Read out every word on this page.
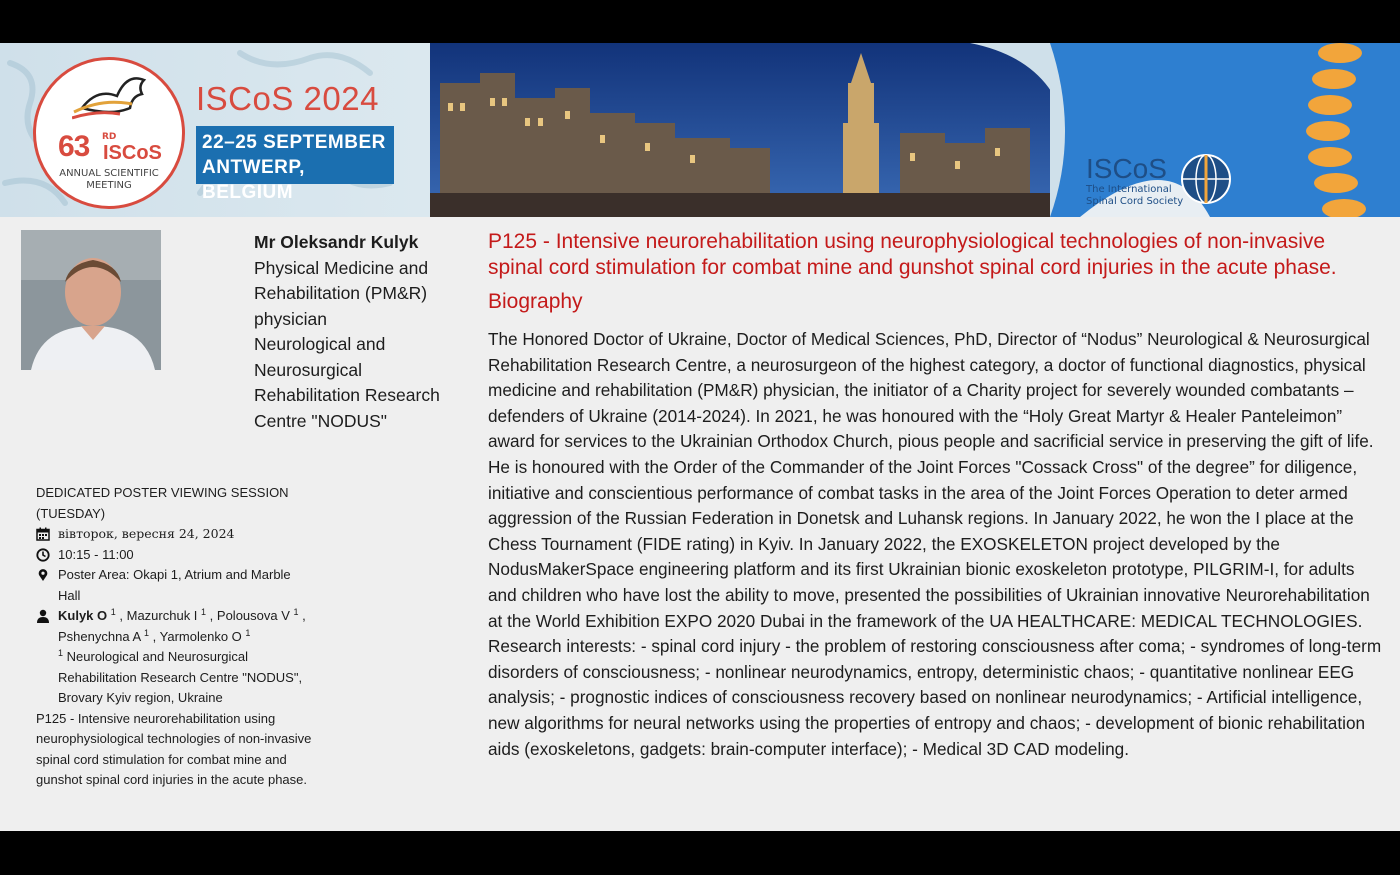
63 RD
ISCoS
ANNUAL SCIENTIFIC
MEETING
ISCoS 2024
22–25 SEPTEMBER
ANTWERP, BELGIUM
ISCoS
The International
Spinal Cord Society
Mr Oleksandr Kulyk
Physical Medicine and Rehabilitation (PM&R) physician
Neurological and Neurosurgical Rehabilitation Research Centre "NODUS"
DEDICATED POSTER VIEWING SESSION (TUESDAY)
вівторок, вересня 24, 2024
10:15 - 11:00
Poster Area: Okapi 1, Atrium and Marble Hall
Kulyk O $^1$ , Mazurchuk I $^1$ , Polousova V $^1$ , Pshenychna A $^1$ , Yarmolenko O $^1$
$^1$ Neurological and Neurosurgical Rehabilitation Research Centre "NODUS", Brovary Kyiv region, Ukraine
P125 - Intensive neurorehabilitation using neurophysiological technologies of non-invasive spinal cord stimulation for combat mine and gunshot spinal cord injuries in the acute phase.
P125 - Intensive neurorehabilitation using neurophysiological technologies of non-invasive spinal cord stimulation for combat mine and gunshot spinal cord injuries in the acute phase.
Biography
The Honored Doctor of Ukraine, Doctor of Medical Sciences, PhD, Director of “Nodus” Neurological & Neurosurgical Rehabilitation Research Centre, a neurosurgeon of the highest category, a doctor of functional diagnostics, physical medicine and rehabilitation (PM&R) physician, the initiator of a Charity project for severely wounded combatants – defenders of Ukraine (2014-2024). In 2021, he was honoured with the “Holy Great Martyr & Healer Panteleimon” award for services to the Ukrainian Orthodox Church, pious people and sacrificial service in preserving the gift of life. He is honoured with the Order of the Commander of the Joint Forces "Cossack Cross" of the degree” for diligence, initiative and conscientious performance of combat tasks in the area of the Joint Forces Operation to deter armed aggression of the Russian Federation in Donetsk and Luhansk regions. In January 2022, he won the I place at the Chess Tournament (FIDE rating) in Kyiv. In January 2022, the EXOSKELETON project developed by the NodusMakerSpace engineering platform and its first Ukrainian bionic exoskeleton prototype, PILGRIM-I, for adults and children who have lost the ability to move, presented the possibilities of Ukrainian innovative Neurorehabilitation at the World Exhibition EXPO 2020 Dubai in the framework of the UA HEALTHCARE: MEDICAL TECHNOLOGIES. Research interests: - spinal cord injury - the problem of restoring consciousness after coma; - syndromes of long-term disorders of consciousness; - nonlinear neurodynamics, entropy, deterministic chaos; - quantitative nonlinear EEG analysis; - prognostic indices of consciousness recovery based on nonlinear neurodynamics; - Artificial intelligence, new algorithms for neural networks using the properties of entropy and chaos; - development of bionic rehabilitation aids (exoskeletons, gadgets: brain-computer interface); - Medical 3D CAD modeling.
